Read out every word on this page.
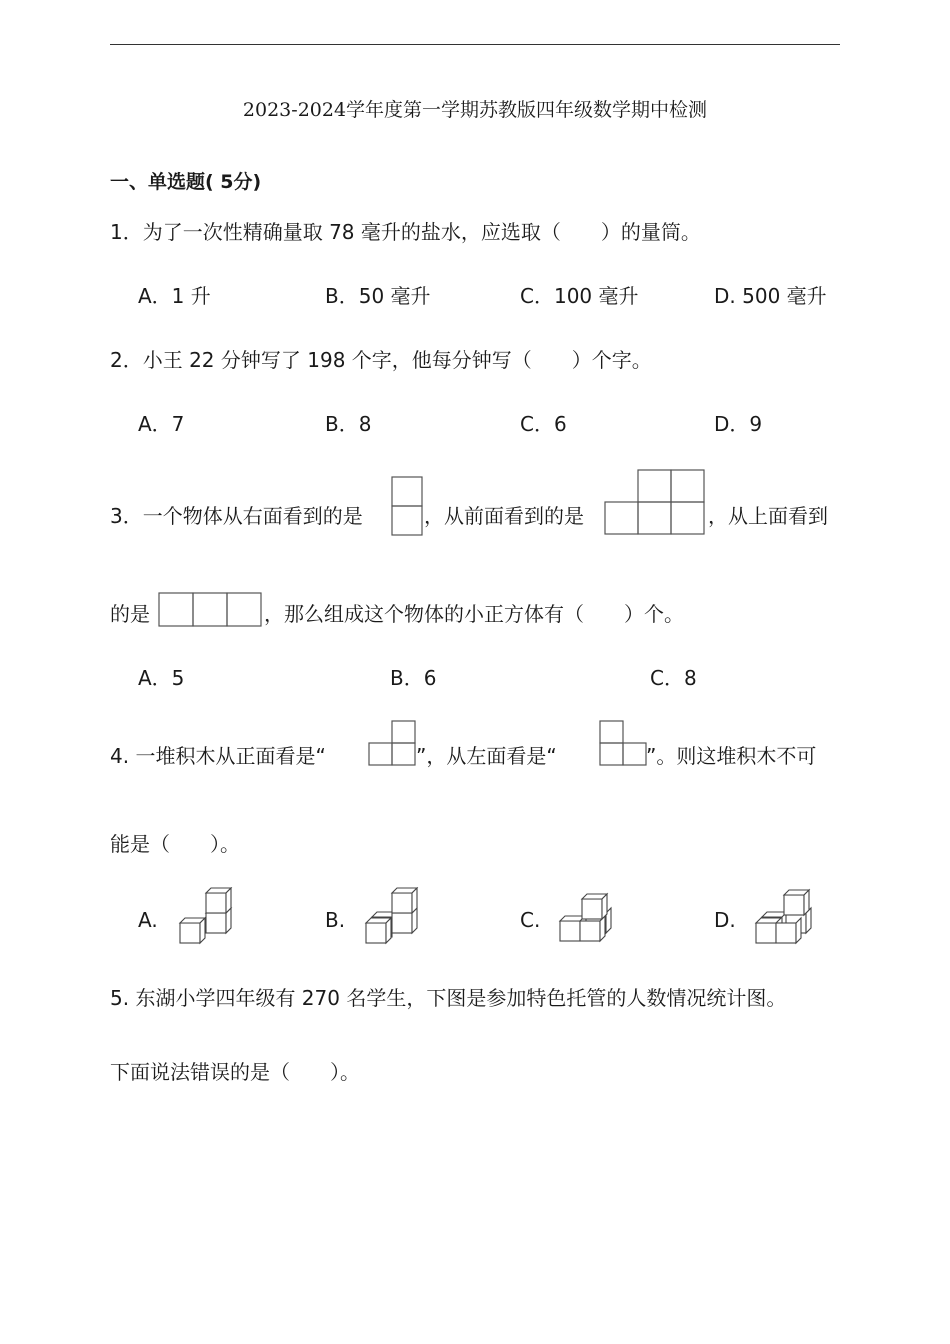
2023-2024学年度第一学期苏教版四年级数学期中检测
一、单选题( 5分)
1．为了一次性精确量取 78 毫升的盐水，应选取（　　）的量筒。
A．1 升	B．50 毫升	C．100 毫升	D. 500 毫升
2．小王 22 分钟写了 198 个字，他每分钟写（　　）个字。
A．7	B．8	C．6	D．9
3．一个物体从右面看到的是	，从前面看到的是	，从上面看到
的是	，那么组成这个物体的小正方体有（　　）个。
A．5	B．6	C．8
4. 一堆积木从正面看是“	”，从左面看是“	”。则这堆积木不可
能是（　　）。
A.	B.	C.	D.
5. 东湖小学四年级有 270 名学生，下图是参加特色托管的人数情况统计图。
下面说法错误的是（　　）。
